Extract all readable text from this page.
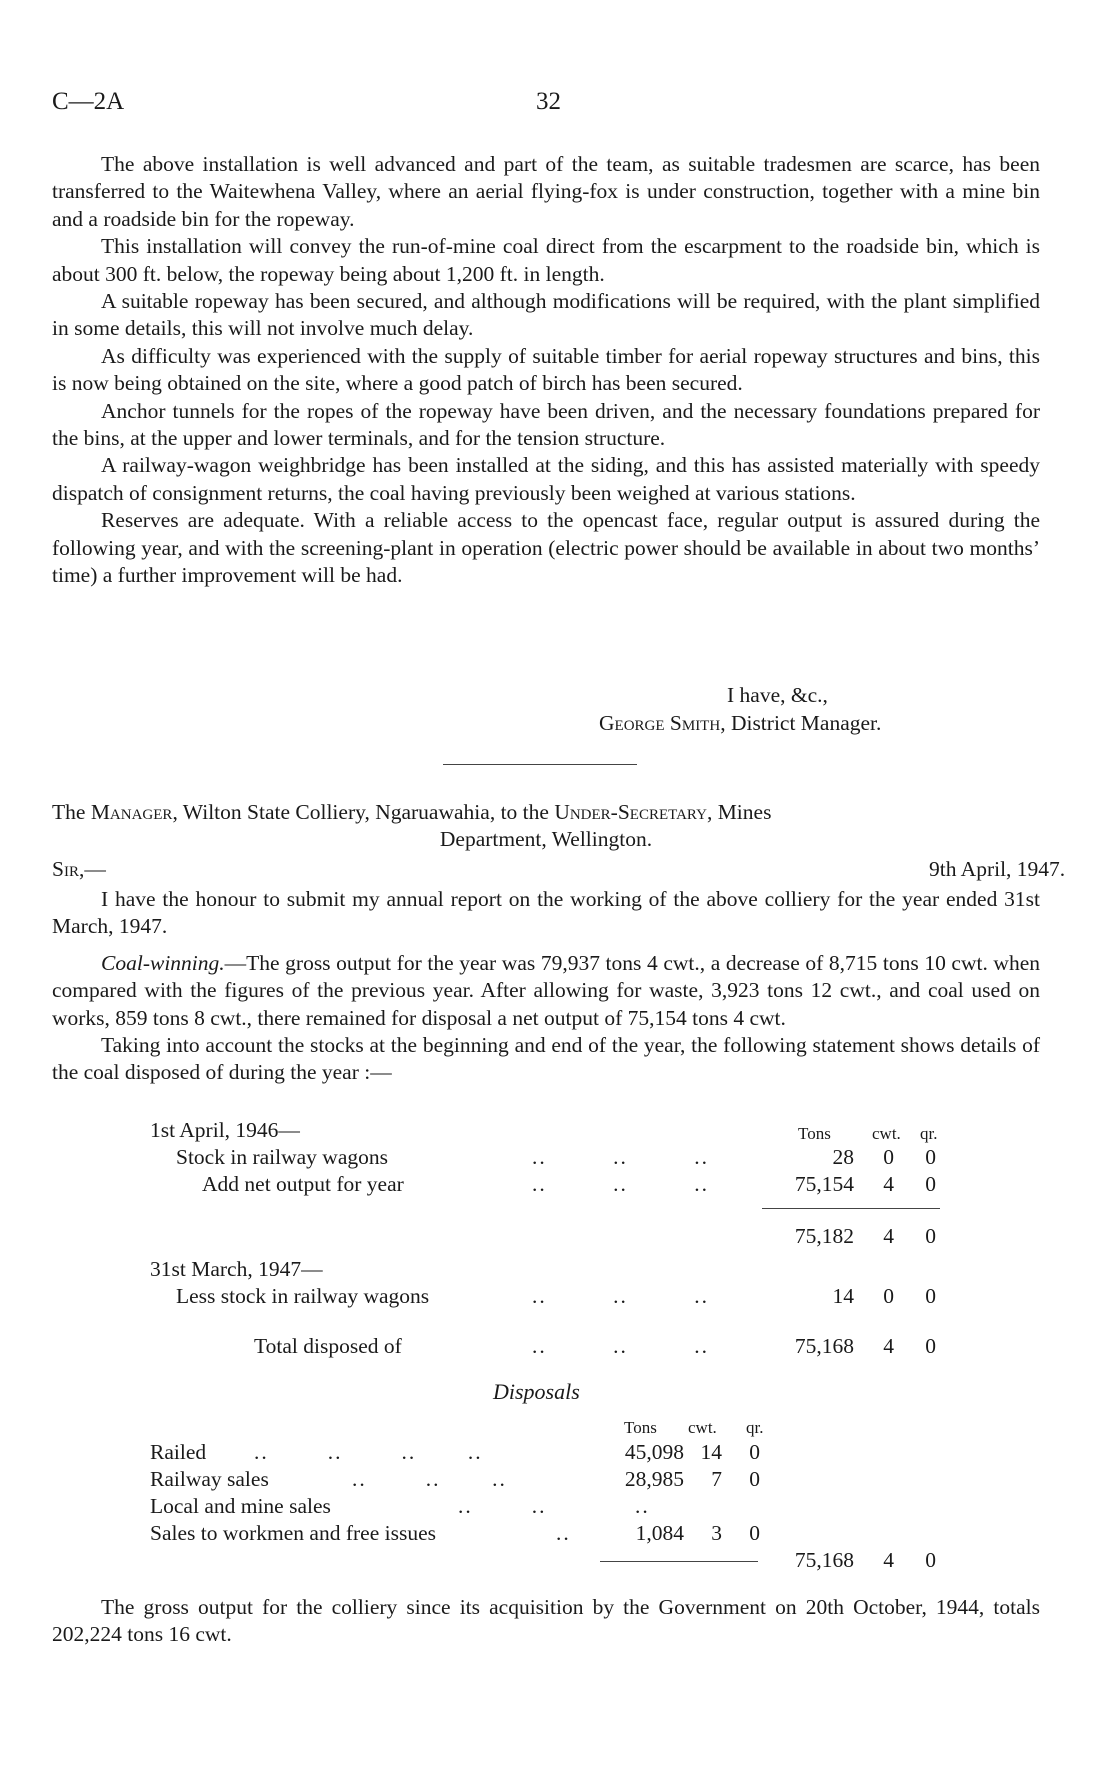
C—2A	32

The above installation is well advanced and part of the team, as suitable tradesmen are scarce, has been transferred to the Waitewhena Valley, where an aerial flying-fox is under construction, together with a mine bin and a roadside bin for the ropeway.

This installation will convey the run-of-mine coal direct from the escarpment to the roadside bin, which is about 300 ft. below, the ropeway being about 1,200 ft. in length.

A suitable ropeway has been secured, and although modifications will be required, with the plant simplified in some details, this will not involve much delay.

As difficulty was experienced with the supply of suitable timber for aerial ropeway structures and bins, this is now being obtained on the site, where a good patch of birch has been secured.

Anchor tunnels for the ropes of the ropeway have been driven, and the necessary foundations prepared for the bins, at the upper and lower terminals, and for the tension structure.

A railway-wagon weighbridge has been installed at the siding, and this has assisted materially with speedy dispatch of consignment returns, the coal having previously been weighed at various stations.

Reserves are adequate. With a reliable access to the opencast face, regular output is assured during the following year, and with the screening-plant in operation (electric power should be available in about two months’ time) a further improvement will be had.

I have, &c.,
George Smith, District Manager.
The Manager, Wilton State Colliery, Ngaruawahia, to the Under-Secretary, Mines
Department, Wellington.
Sir,—	9th April, 1947.

I have the honour to submit my annual report on the working of the above colliery for the year ended 31st March, 1947.

Coal-winning.—The gross output for the year was 79,937 tons 4 cwt., a decrease of 8,715 tons 10 cwt. when compared with the figures of the previous year. After allowing for waste, 3,923 tons 12 cwt., and coal used on works, 859 tons 8 cwt., there remained for disposal a net output of 75,154 tons 4 cwt.

Taking into account the stocks at the beginning and end of the year, the following statement shows details of the coal disposed of during the year :—

Tons cwt. qr.
1st April, 1946—
Stock in railway wagons	..         ..         ..	28	0	0
Add net output for year	..         ..         ..	75,154	4	0
75,182	4	0
31st March, 1947—
Less stock in railway wagons	..         ..         ..	14	0	0
Total disposed of	..         ..         ..	75,168	4	0
Disposals
Tons cwt. qr.
Railed ..        ..        ..       ..	45,098 14	0
Railway sales	..        ..       ..	28,985	7	0
Local and mine sales	..        ..            ..
Sales to workmen and free issues	..	1,084	3	0
75,168	4	0

The gross output for the colliery since its acquisition by the Government on 20th October, 1944, totals 202,224 tons 16 cwt.
